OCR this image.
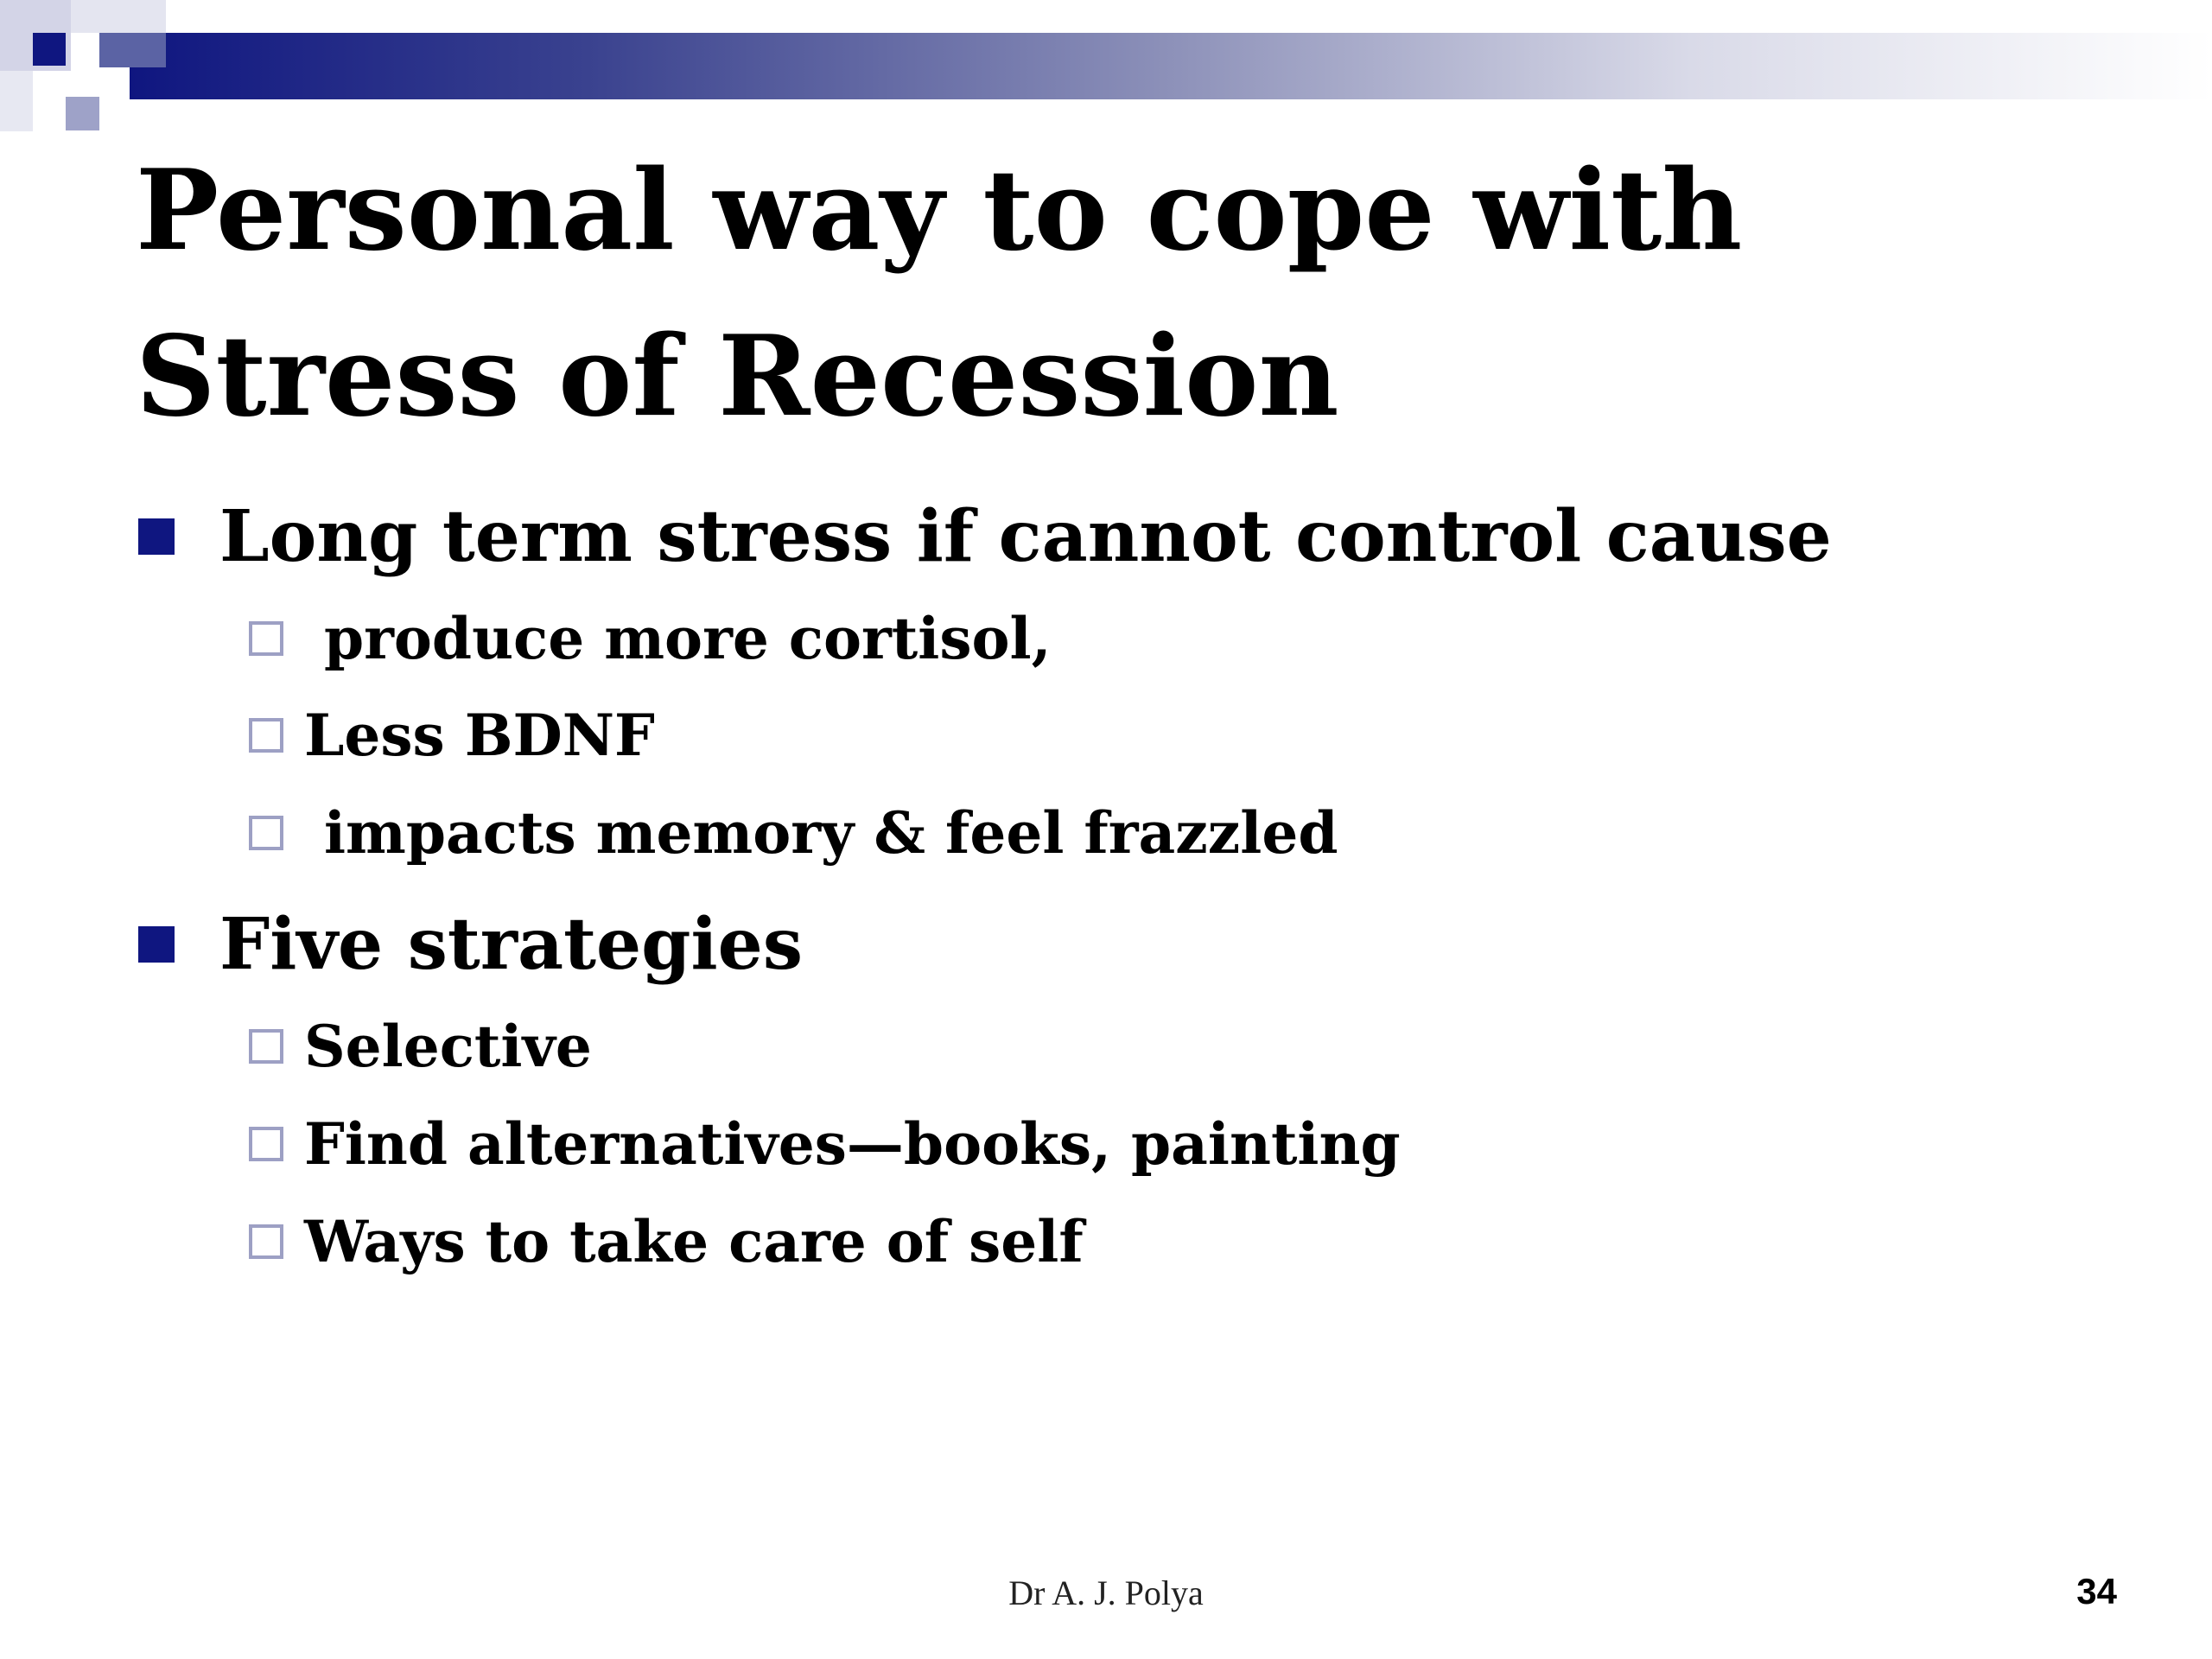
Personal way to cope with Stress of Recession
Long term stress if cannot control cause
produce more cortisol,
Less BDNF
impacts memory & feel frazzled
Five strategies
Selective
Find alternatives—books, painting
Ways to take care of self
Dr A. J. Polya	34
